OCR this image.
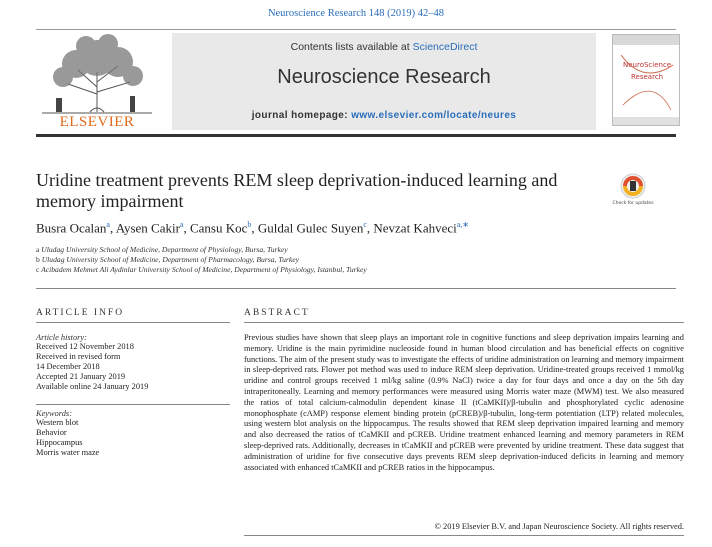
Neuroscience Research 148 (2019) 42–48
ELSEVIER
Contents lists available at ScienceDirect
Neuroscience Research
journal homepage: www.elsevier.com/locate/neures
NeuroScience
Research
Uridine treatment prevents REM sleep deprivation-induced learning and memory impairment	Check for updates
Busra Ocalan$^a$, Aysen Cakir$^a$, Cansu Koc$^b$, Guldal Gulec Suyen$^c$, Nevzat Kahveci$^{a,∗}$
a Uludag University School of Medicine, Department of Physiology, Bursa, Turkey
b Uludag University School of Medicine, Department of Pharmacology, Bursa, Turkey
c Acibadem Mehmet Ali Aydinlar University School of Medicine, Department of Physiology, Istanbul, Turkey
ARTICLE INFO
Article history:
Received 12 November 2018
Received in revised form
14 December 2018
Accepted 21 January 2019
Available online 24 January 2019
Keywords:
Western blot
Behavior
Hippocampus
Morris water maze
ABSTRACT
Previous studies have shown that sleep plays an important role in cognitive functions and sleep deprivation impairs learning and memory. Uridine is the main pyrimidine nucleoside found in human blood circulation and has beneficial effects on cognitive functions. The aim of the present study was to investigate the effects of uridine administration on learning and memory impairment in sleep-deprived rats. Flower pot method was used to induce REM sleep deprivation. Uridine-treated groups received 1 mmol/kg uridine and control groups received 1 ml/kg saline (0.9% NaCl) twice a day for four days and once a day on the 5th day intraperitoneally. Learning and memory performances were measured using Morris water maze (MWM) test. We also measured the ratios of total calcium-calmodulin dependent kinase II (tCaMKII)/β-tubulin and phosphorylated cyclic adenosine monophosphate (cAMP) response element binding protein (pCREB)/β-tubulin, long-term potentiation (LTP) related molecules, using western blot analysis on the hippocampus. The results showed that REM sleep deprivation impaired learning and memory and also decreased the ratios of tCaMKII and pCREB. Uridine treatment enhanced learning and memory parameters in REM sleep-deprived rats. Additionally, decreases in tCaMKII and pCREB were prevented by uridine treatment. These data suggest that administration of uridine for five consecutive days prevents REM sleep deprivation-induced deficits in learning and memory associated with enhanced tCaMKII and pCREB ratios in the hippocampus.
© 2019 Elsevier B.V. and Japan Neuroscience Society. All rights reserved.
